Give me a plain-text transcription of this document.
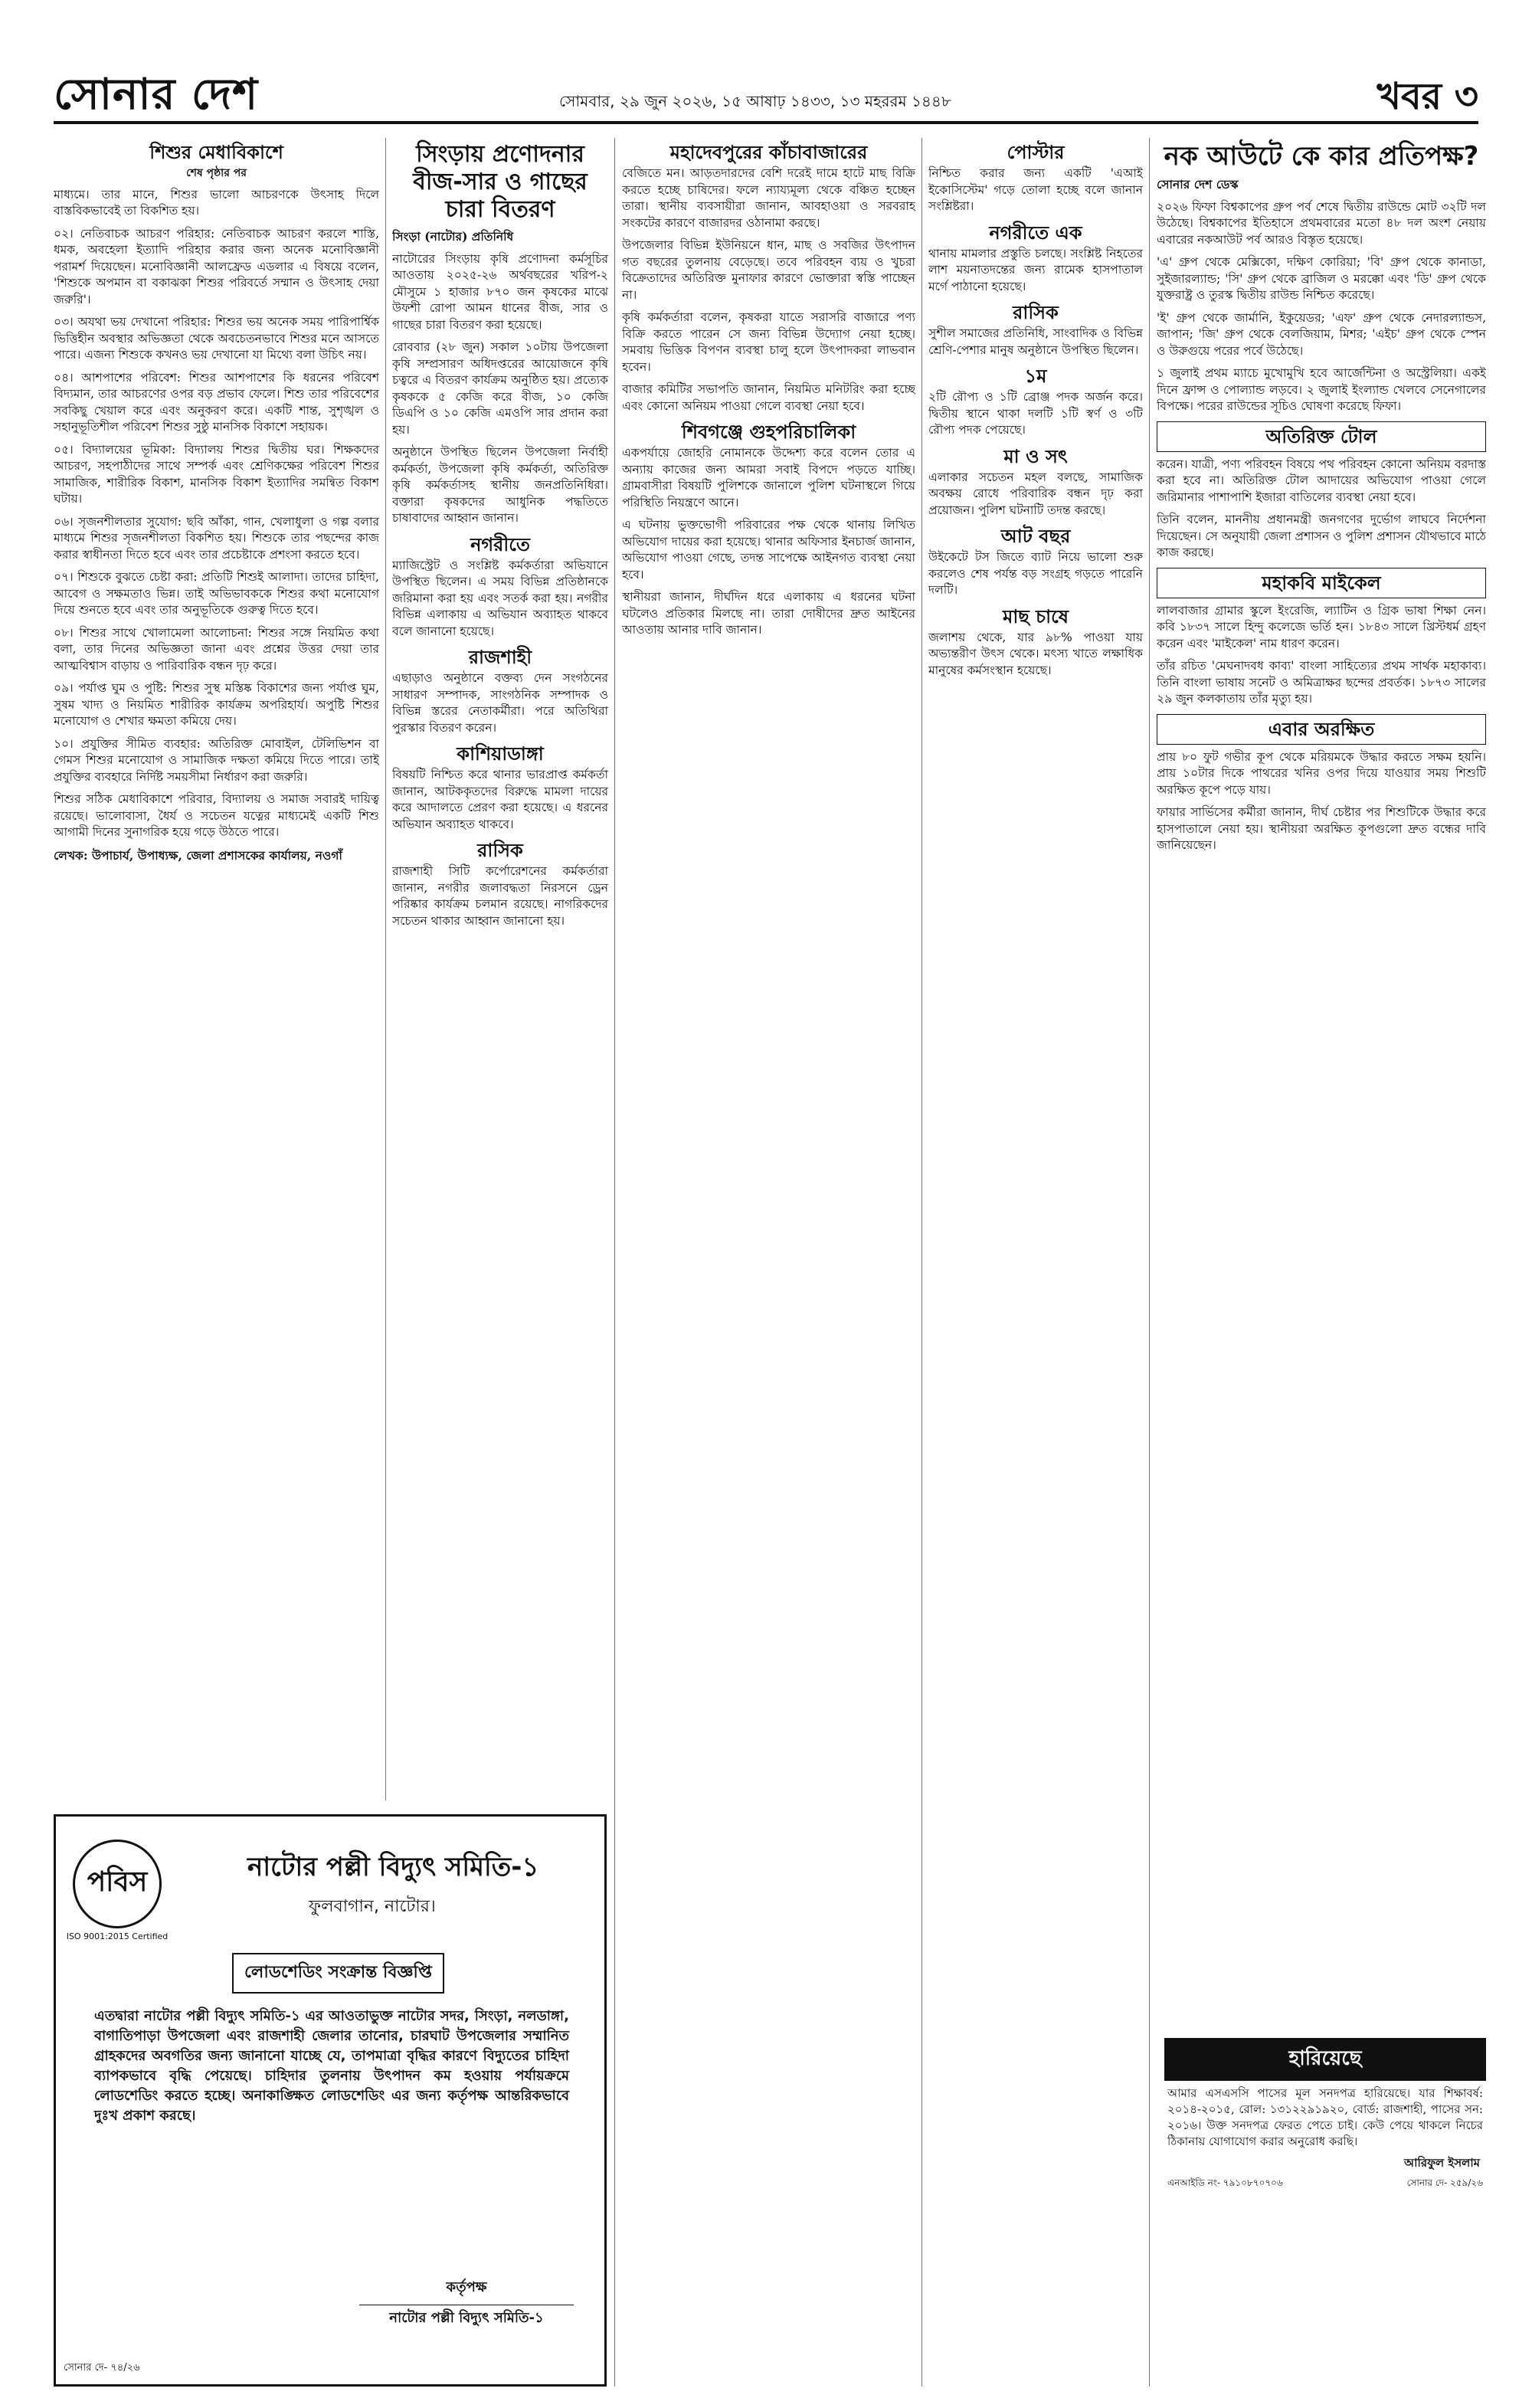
সোনার দেশ	সোমবার, ২৯ জুন ২০২৬, ১৫ আষাঢ় ১৪৩৩, ১৩ মহররম ১৪৪৮	খবর ৩
শিশুর মেধাবিকাশে
শেষ পৃষ্ঠার পর

মাধ্যমে। তার মানে, শিশুর ভালো আচরণকে উৎসাহ দিলে বাস্তবিকভাবেই তা বিকশিত হয়।

০২। নেতিবাচক আচরণ পরিহার: নেতিবাচক আচরণ করলে শাস্তি, ধমক, অবহেলা ইত্যাদি পরিহার করার জন্য অনেক মনোবিজ্ঞানী পরামর্শ দিয়েছেন। মনোবিজ্ঞানী আলফ্রেড এডলার এ বিষয়ে বলেন, 'শিশুকে অপমান বা বকাঝকা শিশুর পরিবর্তে সম্মান ও উৎসাহ দেয়া জরুরি'।

০৩। অযথা ভয় দেখানো পরিহার: শিশুর ভয় অনেক সময় পারিপার্শ্বিক ভিত্তিহীন অবস্থার অভিজ্ঞতা থেকে অবচেতনভাবে শিশুর মনে আসতে পারে। এজন্য শিশুকে কখনও ভয় দেখানো যা মিথ্যে বলা উচিৎ নয়।

০৪। আশপাশের পরিবেশ: শিশুর আশপাশের কি ধরনের পরিবেশ বিদ্যমান, তার আচরণের ওপর বড় প্রভাব ফেলে। শিশু তার পরিবেশের সবকিছু খেয়াল করে এবং অনুকরণ করে। একটি শান্ত, সুশৃঙ্খল ও সহানুভূতিশীল পরিবেশ শিশুর সুষ্ঠু মানসিক বিকাশে সহায়ক।

০৫। বিদ্যালয়ের ভূমিকা: বিদ্যালয় শিশুর দ্বিতীয় ঘর। শিক্ষকদের আচরণ, সহপাঠীদের সাথে সম্পর্ক এবং শ্রেণিকক্ষের পরিবেশ শিশুর সামাজিক, শারীরিক বিকাশ, মানসিক বিকাশ ইত্যাদির সমন্বিত বিকাশ ঘটায়।

০৬। সৃজনশীলতার সুযোগ: ছবি আঁকা, গান, খেলাধুলা ও গল্প বলার মাধ্যমে শিশুর সৃজনশীলতা বিকশিত হয়। শিশুকে তার পছন্দের কাজ করার স্বাধীনতা দিতে হবে এবং তার প্রচেষ্টাকে প্রশংসা করতে হবে।

০৭। শিশুকে বুঝতে চেষ্টা করা: প্রতিটি শিশুই আলাদা। তাদের চাহিদা, আবেগ ও সক্ষমতাও ভিন্ন। তাই অভিভাবককে শিশুর কথা মনোযোগ দিয়ে শুনতে হবে এবং তার অনুভূতিকে গুরুত্ব দিতে হবে।

০৮। শিশুর সাথে খোলামেলা আলোচনা: শিশুর সঙ্গে নিয়মিত কথা বলা, তার দিনের অভিজ্ঞতা জানা এবং প্রশ্নের উত্তর দেয়া তার আত্মবিশ্বাস বাড়ায় ও পারিবারিক বন্ধন দৃঢ় করে।

০৯। পর্যাপ্ত ঘুম ও পুষ্টি: শিশুর সুস্থ মস্তিষ্ক বিকাশের জন্য পর্যাপ্ত ঘুম, সুষম খাদ্য ও নিয়মিত শারীরিক কার্যক্রম অপরিহার্য। অপুষ্টি শিশুর মনোযোগ ও শেখার ক্ষমতা কমিয়ে দেয়।

১০। প্রযুক্তির সীমিত ব্যবহার: অতিরিক্ত মোবাইল, টেলিভিশন বা গেমস শিশুর মনোযোগ ও সামাজিক দক্ষতা কমিয়ে দিতে পারে। তাই প্রযুক্তির ব্যবহারে নির্দিষ্ট সময়সীমা নির্ধারণ করা জরুরি।

শিশুর সঠিক মেধাবিকাশে পরিবার, বিদ্যালয় ও সমাজ সবারই দায়িত্ব রয়েছে। ভালোবাসা, ধৈর্য ও সচেতন যত্নের মাধ্যমেই একটি শিশু আগামী দিনের সুনাগরিক হয়ে গড়ে উঠতে পারে।

লেখক: উপাচার্য, উপাধ্যক্ষ, জেলা প্রশাসকের কার্যালয়, নওগাঁ

সিংড়ায় প্রণোদনার বীজ-সার ও গাছের চারা বিতরণ

সিংড়া (নাটোর) প্রতিনিধি

নাটোরের সিংড়ায় কৃষি প্রণোদনা কর্মসূচির আওতায় ২০২৫-২৬ অর্থবছরের খরিপ-২ মৌসুমে ১ হাজার ৮৭০ জন কৃষকের মাঝে উফশী রোপা আমন ধানের বীজ, সার ও গাছের চারা বিতরণ করা হয়েছে।

রোববার (২৮ জুন) সকাল ১০টায় উপজেলা কৃষি সম্প্রসারণ অধিদপ্তরের আয়োজনে কৃষি চত্বরে এ বিতরণ কার্যক্রম অনুষ্ঠিত হয়। প্রত্যেক কৃষককে ৫ কেজি করে বীজ, ১০ কেজি ডিএপি ও ১০ কেজি এমওপি সার প্রদান করা হয়।

অনুষ্ঠানে উপস্থিত ছিলেন উপজেলা নির্বাহী কর্মকর্তা, উপজেলা কৃষি কর্মকর্তা, অতিরিক্ত কৃষি কর্মকর্তাসহ স্থানীয় জনপ্রতিনিধিরা। বক্তারা কৃষকদের আধুনিক পদ্ধতিতে চাষাবাদের আহ্বান জানান।

নগরীতে

ম্যাজিস্ট্রেট ও সংশ্লিষ্ট কর্মকর্তারা অভিযানে উপস্থিত ছিলেন। এ সময় বিভিন্ন প্রতিষ্ঠানকে জরিমানা করা হয় এবং সতর্ক করা হয়। নগরীর বিভিন্ন এলাকায় এ অভিযান অব্যাহত থাকবে বলে জানানো হয়েছে।

রাজশাহী

এছাড়াও অনুষ্ঠানে বক্তব্য দেন সংগঠনের সাধারণ সম্পাদক, সাংগঠনিক সম্পাদক ও বিভিন্ন স্তরের নেতাকর্মীরা। পরে অতিথিরা পুরস্কার বিতরণ করেন।

কাশিয়াডাঙ্গা

বিষয়টি নিশ্চিত করে থানার ভারপ্রাপ্ত কর্মকর্তা জানান, আটককৃতদের বিরুদ্ধে মামলা দায়ের করে আদালতে প্রেরণ করা হয়েছে। এ ধরনের অভিযান অব্যাহত থাকবে।

রাসিক

রাজশাহী সিটি কর্পোরেশনের কর্মকর্তারা জানান, নগরীর জলাবদ্ধতা নিরসনে ড্রেন পরিষ্কার কার্যক্রম চলমান রয়েছে। নাগরিকদের সচেতন থাকার আহ্বান জানানো হয়।

মহাদেবপুরের কাঁচাবাজারের

বেজিতে মন। আড়তদারদের বেশি দরেই দামে হাটে মাছ বিক্রি করতে হচ্ছে চাষিদের। ফলে ন্যায্যমূল্য থেকে বঞ্চিত হচ্ছেন তারা। স্থানীয় ব্যবসায়ীরা জানান, আবহাওয়া ও সরবরাহ সংকটের কারণে বাজারদর ওঠানামা করছে।

উপজেলার বিভিন্ন ইউনিয়নে ধান, মাছ ও সবজির উৎপাদন গত বছরের তুলনায় বেড়েছে। তবে পরিবহন ব্যয় ও খুচরা বিক্রেতাদের অতিরিক্ত মুনাফার কারণে ভোক্তারা স্বস্তি পাচ্ছেন না।

কৃষি কর্মকর্তারা বলেন, কৃষকরা যাতে সরাসরি বাজারে পণ্য বিক্রি করতে পারেন সে জন্য বিভিন্ন উদ্যোগ নেয়া হচ্ছে। সমবায় ভিত্তিক বিপণন ব্যবস্থা চালু হলে উৎপাদকরা লাভবান হবেন।

বাজার কমিটির সভাপতি জানান, নিয়মিত মনিটরিং করা হচ্ছে এবং কোনো অনিয়ম পাওয়া গেলে ব্যবস্থা নেয়া হবে।

শিবগঞ্জে গুহপরিচালিকা

একপর্যায়ে জোহরি নোমানকে উদ্দেশ্য করে বলেন তোর এ অন্যায় কাজের জন্য আমরা সবাই বিপদে পড়তে যাচ্ছি। গ্রামবাসীরা বিষয়টি পুলিশকে জানালে পুলিশ ঘটনাস্থলে গিয়ে পরিস্থিতি নিয়ন্ত্রণে আনে।

এ ঘটনায় ভুক্তভোগী পরিবারের পক্ষ থেকে থানায় লিখিত অভিযোগ দায়ের করা হয়েছে। থানার অফিসার ইনচার্জ জানান, অভিযোগ পাওয়া গেছে, তদন্ত সাপেক্ষে আইনগত ব্যবস্থা নেয়া হবে।

স্থানীয়রা জানান, দীর্ঘদিন ধরে এলাকায় এ ধরনের ঘটনা ঘটলেও প্রতিকার মিলছে না। তারা দোষীদের দ্রুত আইনের আওতায় আনার দাবি জানান।

পোস্টার

নিশ্চিত করার জন্য একটি 'এআই ইকোসিস্টেম' গড়ে তোলা হচ্ছে বলে জানান সংশ্লিষ্টরা।

নগরীতে এক

থানায় মামলার প্রস্তুতি চলছে। সংশ্লিষ্ট নিহতের লাশ ময়নাতদন্তের জন্য রামেক হাসপাতাল মর্গে পাঠানো হয়েছে।

রাসিক

সুশীল সমাজের প্রতিনিধি, সাংবাদিক ও বিভিন্ন শ্রেণি-পেশার মানুষ অনুষ্ঠানে উপস্থিত ছিলেন।

১ম

২টি রৌপ্য ও ১টি ব্রোঞ্জ পদক অর্জন করে। দ্বিতীয় স্থানে থাকা দলটি ১টি স্বর্ণ ও ৩টি রৌপ্য পদক পেয়েছে।

মা ও সৎ

এলাকার সচেতন মহল বলছে, সামাজিক অবক্ষয় রোধে পরিবারিক বন্ধন দৃঢ় করা প্রয়োজন। পুলিশ ঘটনাটি তদন্ত করছে।

আট বছর

উইকেটে টস জিতে ব্যাট নিয়ে ভালো শুরু করলেও শেষ পর্যন্ত বড় সংগ্রহ গড়তে পারেনি দলটি।

মাছ চাষে

জলাশয় থেকে, যার ৯৮% পাওয়া যায় অভ্যন্তরীণ উৎস থেকে। মৎস্য খাতে লক্ষাধিক মানুষের কর্মসংস্থান হয়েছে।

নক আউটে কে কার প্রতিপক্ষ?

সোনার দেশ ডেস্ক

২০২৬ ফিফা বিশ্বকাপের গ্রুপ পর্ব শেষে দ্বিতীয় রাউন্ডে মোট ৩২টি দল উঠেছে। বিশ্বকাপের ইতিহাসে প্রথমবারের মতো ৪৮ দল অংশ নেয়ায় এবারের নকআউট পর্ব আরও বিস্তৃত হয়েছে।

'এ' গ্রুপ থেকে মেক্সিকো, দক্ষিণ কোরিয়া; 'বি' গ্রুপ থেকে কানাডা, সুইজারল্যান্ড; 'সি' গ্রুপ থেকে ব্রাজিল ও মরক্কো এবং 'ডি' গ্রুপ থেকে যুক্তরাষ্ট্র ও তুরস্ক দ্বিতীয় রাউন্ড নিশ্চিত করেছে।

'ই' গ্রুপ থেকে জার্মানি, ইকুয়েডর; 'এফ' গ্রুপ থেকে নেদারল্যান্ডস, জাপান; 'জি' গ্রুপ থেকে বেলজিয়াম, মিশর; 'এইচ' গ্রুপ থেকে স্পেন ও উরুগুয়ে পরের পর্বে উঠেছে।

১ জুলাই প্রথম ম্যাচে মুখোমুখি হবে আর্জেন্টিনা ও অস্ট্রেলিয়া। একই দিনে ফ্রান্স ও পোল্যান্ড লড়বে। ২ জুলাই ইংল্যান্ড খেলবে সেনেগালের বিপক্ষে। পরের রাউন্ডের সূচিও ঘোষণা করেছে ফিফা।

অতিরিক্ত টোল

করেন। যাত্রী, পণ্য পরিবহন বিষয়ে পথ পরিবহন কোনো অনিয়ম বরদাস্ত করা হবে না। অতিরিক্ত টোল আদায়ের অভিযোগ পাওয়া গেলে জরিমানার পাশাপাশি ইজারা বাতিলের ব্যবস্থা নেয়া হবে।

তিনি বলেন, মাননীয় প্রধানমন্ত্রী জনগণের দুর্ভোগ লাঘবে নির্দেশনা দিয়েছেন। সে অনুযায়ী জেলা প্রশাসন ও পুলিশ প্রশাসন যৌথভাবে মাঠে কাজ করছে।

মহাকবি মাইকেল

লালবাজার গ্রামার স্কুলে ইংরেজি, ল্যাটিন ও গ্রিক ভাষা শিক্ষা নেন। কবি ১৮৩৭ সালে হিন্দু কলেজে ভর্তি হন। ১৮৪৩ সালে খ্রিস্টধর্ম গ্রহণ করেন এবং 'মাইকেল' নাম ধারণ করেন।

তাঁর রচিত 'মেঘনাদবধ কাব্য' বাংলা সাহিত্যের প্রথম সার্থক মহাকাব্য। তিনি বাংলা ভাষায় সনেট ও অমিত্রাক্ষর ছন্দের প্রবর্তক। ১৮৭৩ সালের ২৯ জুন কলকাতায় তাঁর মৃত্যু হয়।

এবার অরক্ষিত

প্রায় ৮০ ফুট গভীর কূপ থেকে মরিয়মকে উদ্ধার করতে সক্ষম হয়নি। প্রায় ১০টার দিকে পাথরের খনির ওপর দিয়ে যাওয়ার সময় শিশুটি অরক্ষিত কূপে পড়ে যায়।

ফায়ার সার্ভিসের কর্মীরা জানান, দীর্ঘ চেষ্টার পর শিশুটিকে উদ্ধার করে হাসপাতালে নেয়া হয়। স্থানীয়রা অরক্ষিত কূপগুলো দ্রুত বন্ধের দাবি জানিয়েছেন।

পবিস
ISO 9001:2015 Certified
নাটোর পল্লী বিদ্যুৎ সমিতি-১
ফুলবাগান, নাটোর।
লোডশেডিং সংক্রান্ত বিজ্ঞপ্তি
এতদ্বারা নাটোর পল্লী বিদ্যুৎ সমিতি-১ এর আওতাভুক্ত নাটোর সদর, সিংড়া, নলডাঙ্গা, বাগাতিপাড়া উপজেলা এবং রাজশাহী জেলার তানোর, চারঘাট উপজেলার সম্মানিত গ্রাহকদের অবগতির জন্য জানানো যাচ্ছে যে, তাপমাত্রা বৃদ্ধির কারণে বিদ্যুতের চাহিদা ব্যাপকভাবে বৃদ্ধি পেয়েছে। চাহিদার তুলনায় উৎপাদন কম হওয়ায় পর্যায়ক্রমে লোডশেডিং করতে হচ্ছে। অনাকাঙ্ক্ষিত লোডশেডিং এর জন্য কর্তৃপক্ষ আন্তরিকভাবে দুঃখ প্রকাশ করছে।
কর্তৃপক্ষ
নাটোর পল্লী বিদ্যুৎ সমিতি-১
সোনার দে- ৭৪/২৬
হারিয়েছে
আমার এসএসসি পাসের মূল সনদপত্র হারিয়েছে। যার শিক্ষাবর্ষ: ২০১৪-২০১৫, রোল: ১৩১২২৯১৯২০, বোর্ড: রাজশাহী, পাসের সন: ২০১৬। উক্ত সনদপত্র ফেরত পেতে চাই। কেউ পেয়ে থাকলে নিচের ঠিকানায় যোগাযোগ করার অনুরোধ করছি।
আরিফুল ইসলাম
এনআইডি নং- ৭৯১০৮৭০৭০৬	সোনার দে- ২৫৯/২৬
